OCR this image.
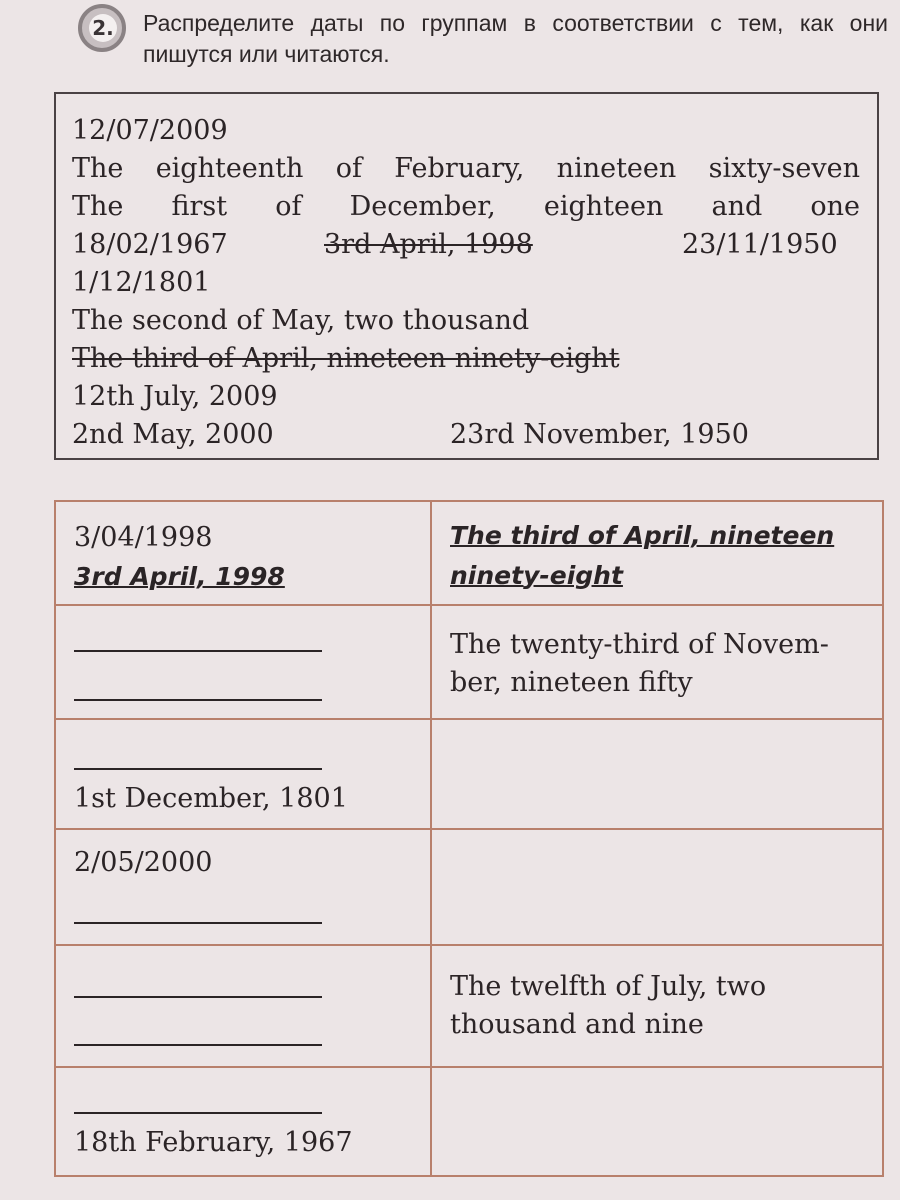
2. Распределите даты по группам в соответствии с тем, как они пишутся или читаются.
12/07/2009
The eighteenth of February, nineteen sixty-seven
The first of December, eighteen and one
18/02/1967	3rd April, 1998	23/11/1950
1/12/1801
The second of May, two thousand
The third of April, nineteen ninety-eight
12th July, 2009
2nd May, 2000	23rd November, 1950
3/04/1998
3rd April, 1998	The third of April, nineteen ninety-eight

	The twenty-third of Novem-ber, nineteen fifty

1st December, 1801	

2/05/2000	

	The twelfth of July, two thousand and nine

18th February, 1967	
